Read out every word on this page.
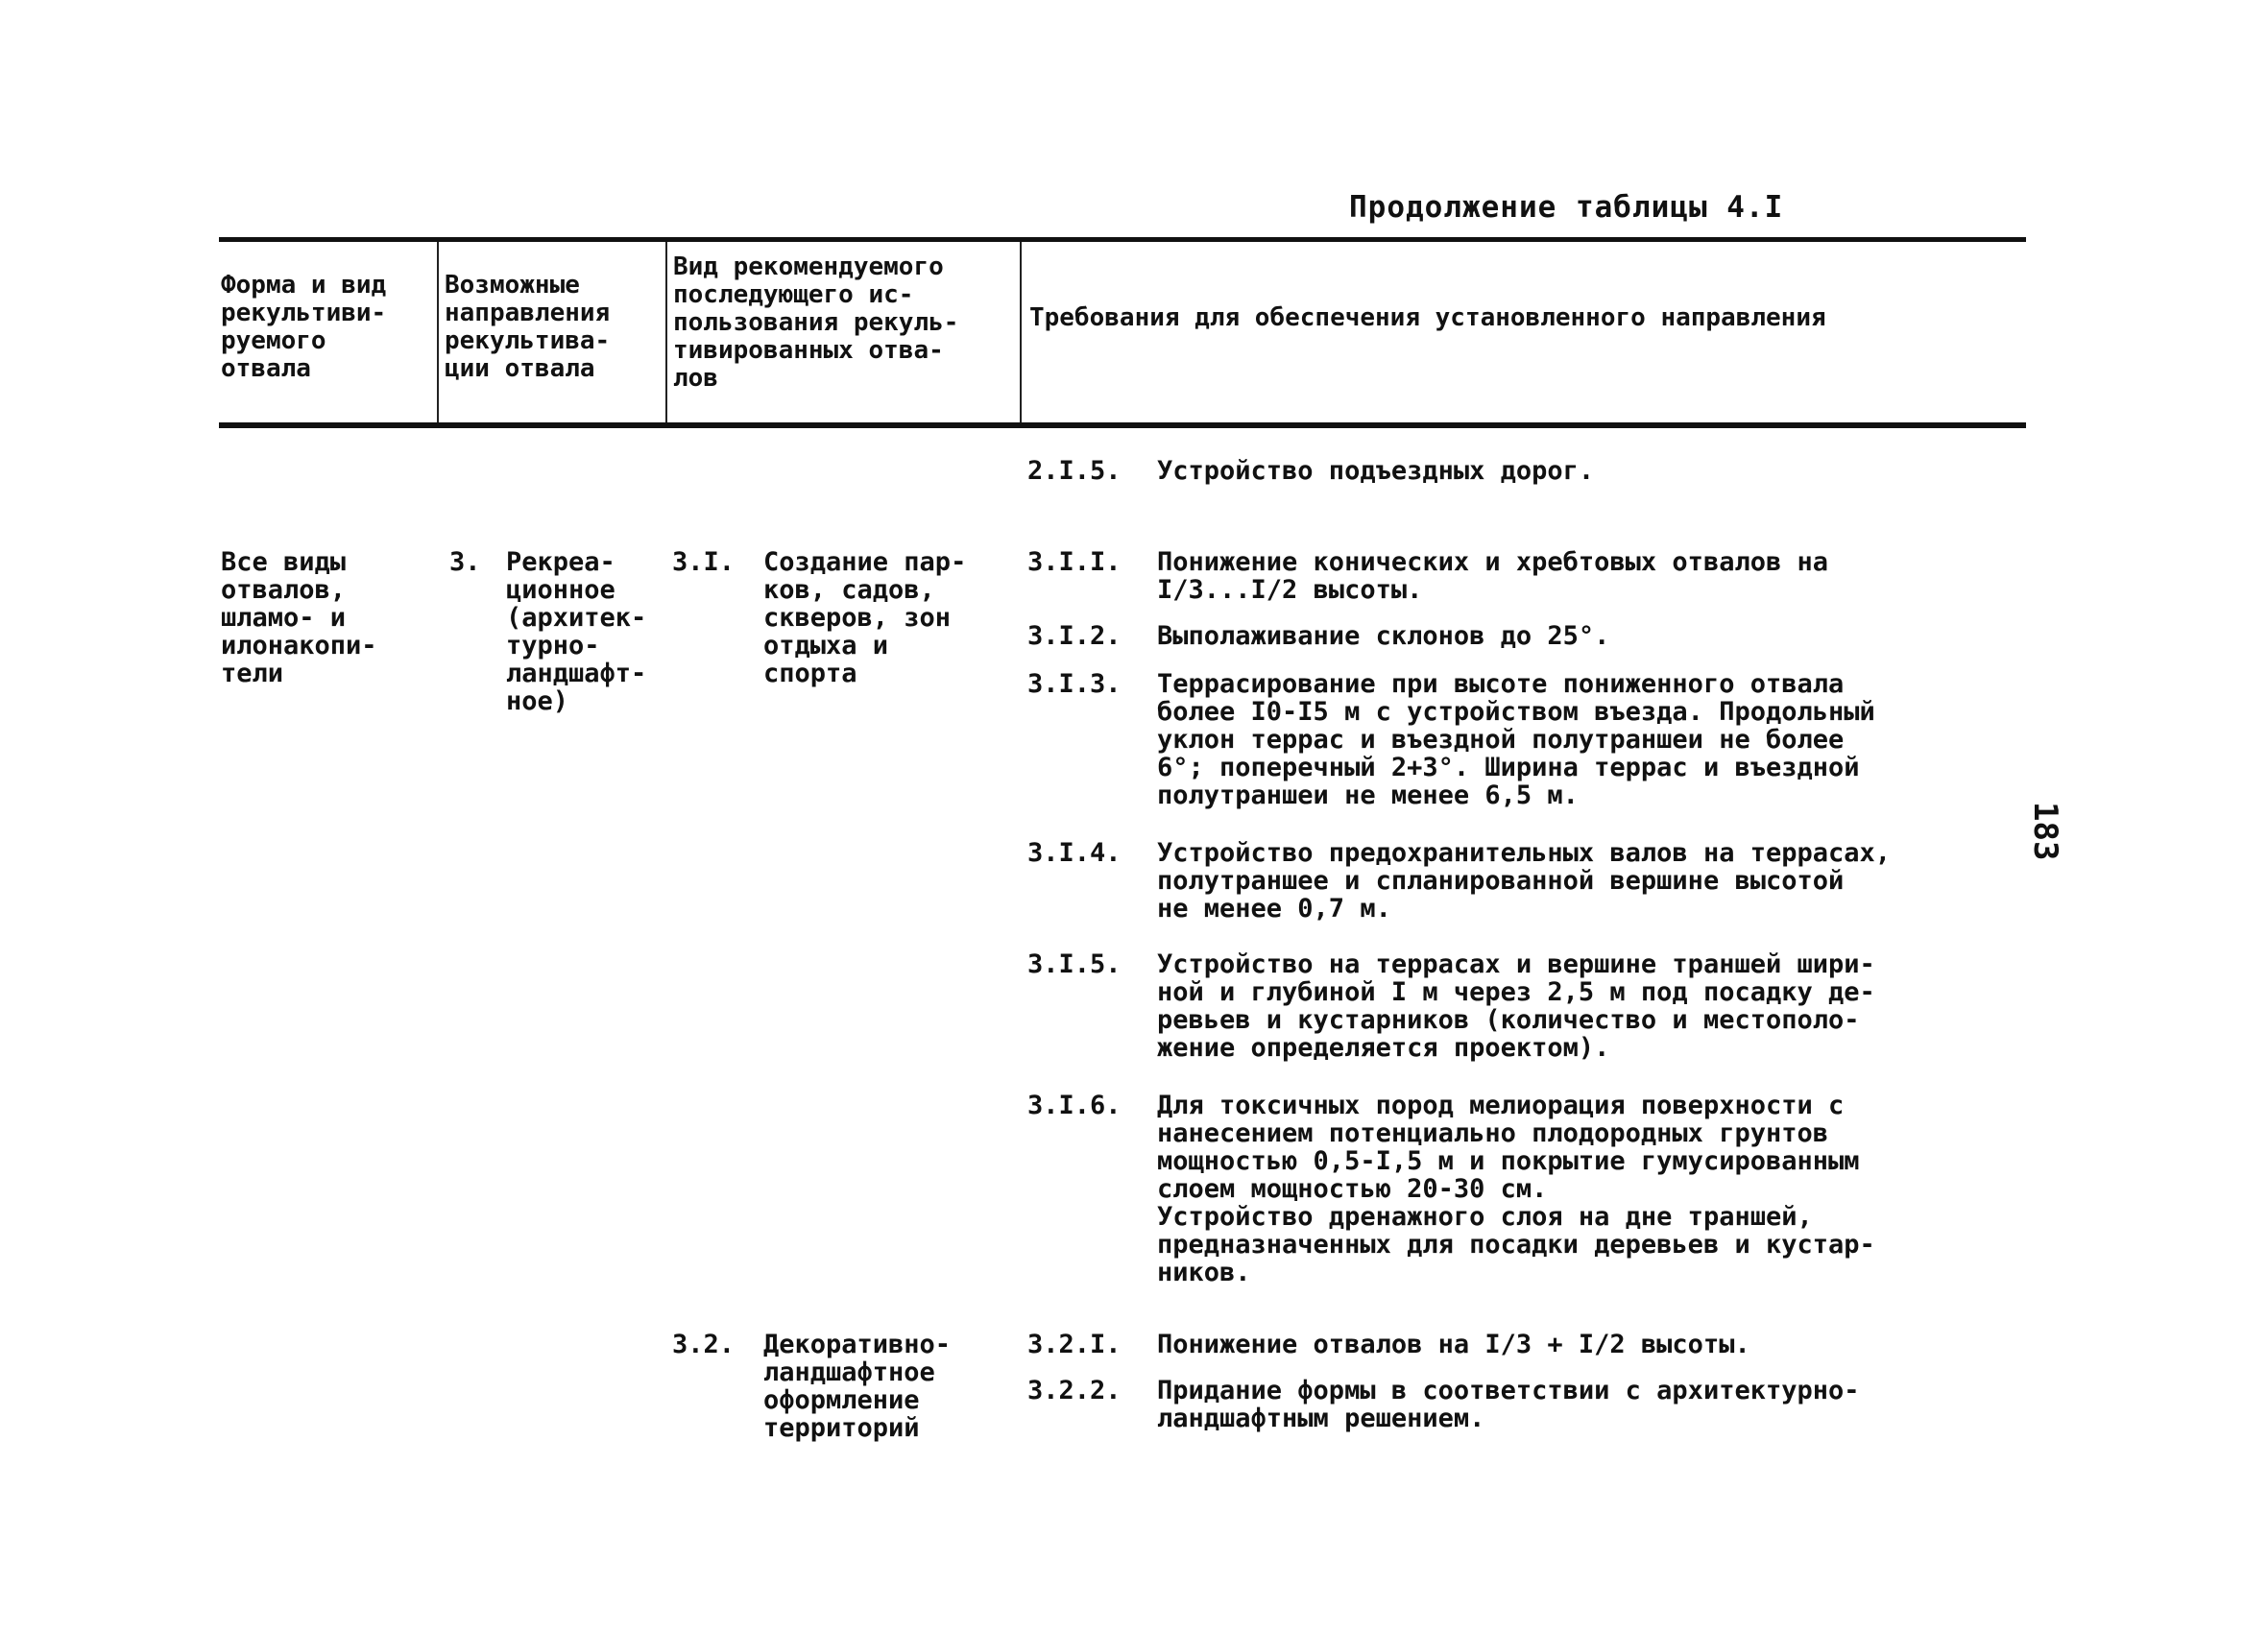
Продолжение таблицы 4.I
Форма и вид
рекультиви-
руемого
отвала
Возможные
направления
рекультива-
ции отвала
Вид рекомендуемого
последующего ис-
пользования рекуль-
тивированных отва-
лов
Требования для обеспечения установленного направления
2.I.5. Устройство подъездных дорог.
Все виды
отвалов,
шламо- и
илонакопи-
тели
3. Рекреа-
ционное
(архитек-
турно-
ландшафт-
ное)
3.I. Создание пар-
ков, садов,
скверов, зон
отдыха и
спорта
3.I.I. Понижение конических и хребтовых отвалов на
I/3...I/2 высоты.
3.I.2. Выполаживание склонов до 25°.
3.I.3. Террасирование при высоте пониженного отвала
более I0-I5 м с устройством въезда. Продольный
уклон террас и въездной полутраншеи не более
6°; поперечный 2+3°. Ширина террас и въездной
полутраншеи не менее 6,5 м.
3.I.4. Устройство предохранительных валов на террасах,
полутраншее и спланированной вершине высотой
не менее 0,7 м.
3.I.5. Устройство на террасах и вершине траншей шири-
ной и глубиной I м через 2,5 м под посадку де-
ревьев и кустарников (количество и местополо-
жение определяется проектом).
3.I.6. Для токсичных пород мелиорация поверхности с
нанесением потенциально плодородных грунтов
мощностью 0,5-I,5 м и покрытие гумусированным
слоем мощностью 20-30 см.
Устройство дренажного слоя на дне траншей,
предназначенных для посадки деревьев и кустар-
ников.
3.2. Декоративно-
ландшафтное
оформление
территорий
3.2.I. Понижение отвалов на I/3 + I/2 высоты.
3.2.2. Придание формы в соответствии с архитектурно-
ландшафтным решением.
183
